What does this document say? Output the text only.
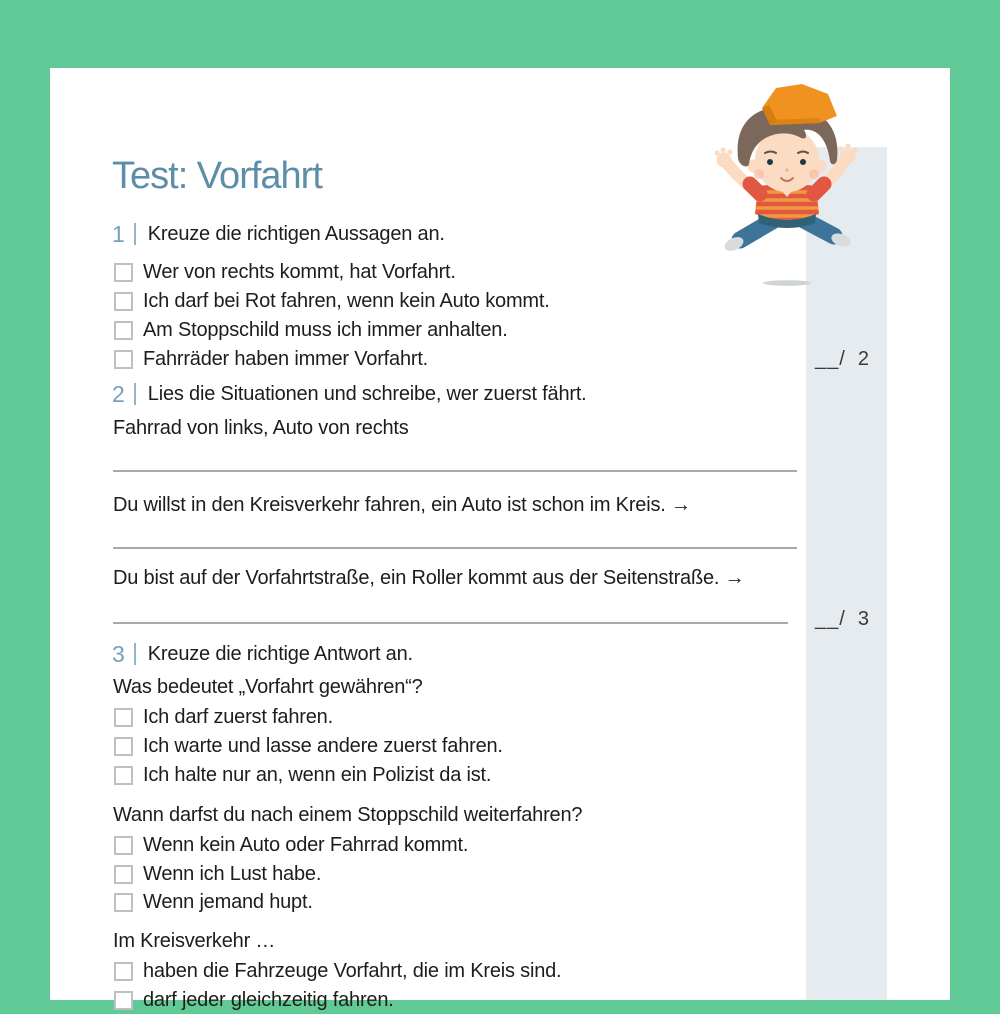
Test: Vorfahrt
1 Kreuze die richtigen Aussagen an.
Wer von rechts kommt, hat Vorfahrt.
Ich darf bei Rot fahren, wenn kein Auto kommt.
Am Stoppschild muss ich immer anhalten.
Fahrräder haben immer Vorfahrt.	__/ 2
2 Lies die Situationen und schreibe, wer zuerst fährt.
Fahrrad von links, Auto von rechts
Du willst in den Kreisverkehr fahren, ein Auto ist schon im Kreis. →
Du bist auf der Vorfahrtstraße, ein Roller kommt aus der Seitenstraße. →
__/ 3
3 Kreuze die richtige Antwort an.
Was bedeutet „Vorfahrt gewähren“?
Ich darf zuerst fahren.
Ich warte und lasse andere zuerst fahren.
Ich halte nur an, wenn ein Polizist da ist.
Wann darfst du nach einem Stoppschild weiterfahren?
Wenn kein Auto oder Fahrrad kommt.
Wenn ich Lust habe.
Wenn jemand hupt.
Im Kreisverkehr …
haben die Fahrzeuge Vorfahrt, die im Kreis sind.
darf jeder gleichzeitig fahren.
